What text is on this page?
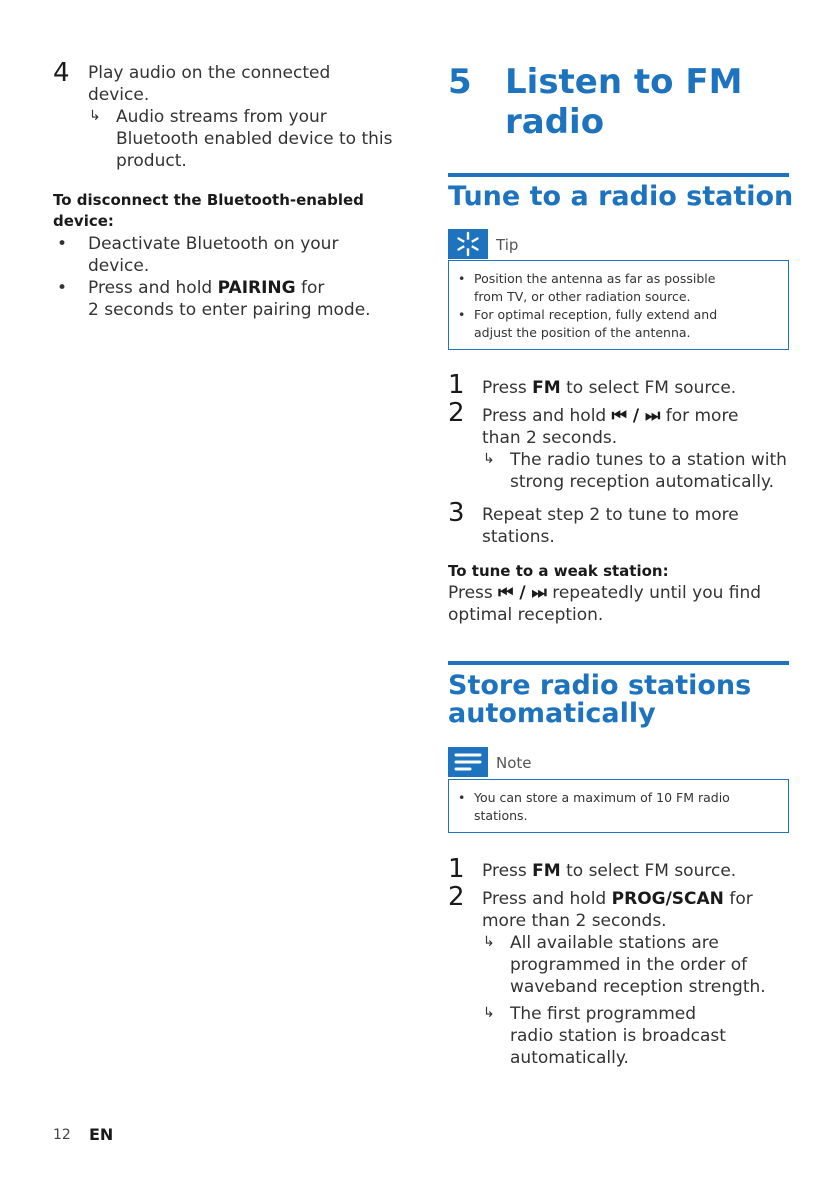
4 Play audio on the connected
device.
↳ Audio streams from your
Bluetooth enabled device to this
product.
To disconnect the Bluetooth-enabled
device:
• Deactivate Bluetooth on your
device.
• Press and hold PAIRING for
2 seconds to enter pairing mode.
5 Listen to FM
radio
Tune to a radio station
Tip
• Position the antenna as far as possible
from TV, or other radiation source.
• For optimal reception, fully extend and
adjust the position of the antenna.
1 Press FM to select FM source.
2 Press and hold ⏮ / ⏭ for more
than 2 seconds.
↳ The radio tunes to a station with
strong reception automatically.
3 Repeat step 2 to tune to more
stations.
To tune to a weak station:
Press ⏮ / ⏭ repeatedly until you find
optimal reception.
Store radio stations
automatically
Note
• You can store a maximum of 10 FM radio
stations.
1 Press FM to select FM source.
2 Press and hold PROG/SCAN for
more than 2 seconds.
↳ All available stations are
programmed in the order of
waveband reception strength.
↳ The first programmed
radio station is broadcast
automatically.
12 EN
